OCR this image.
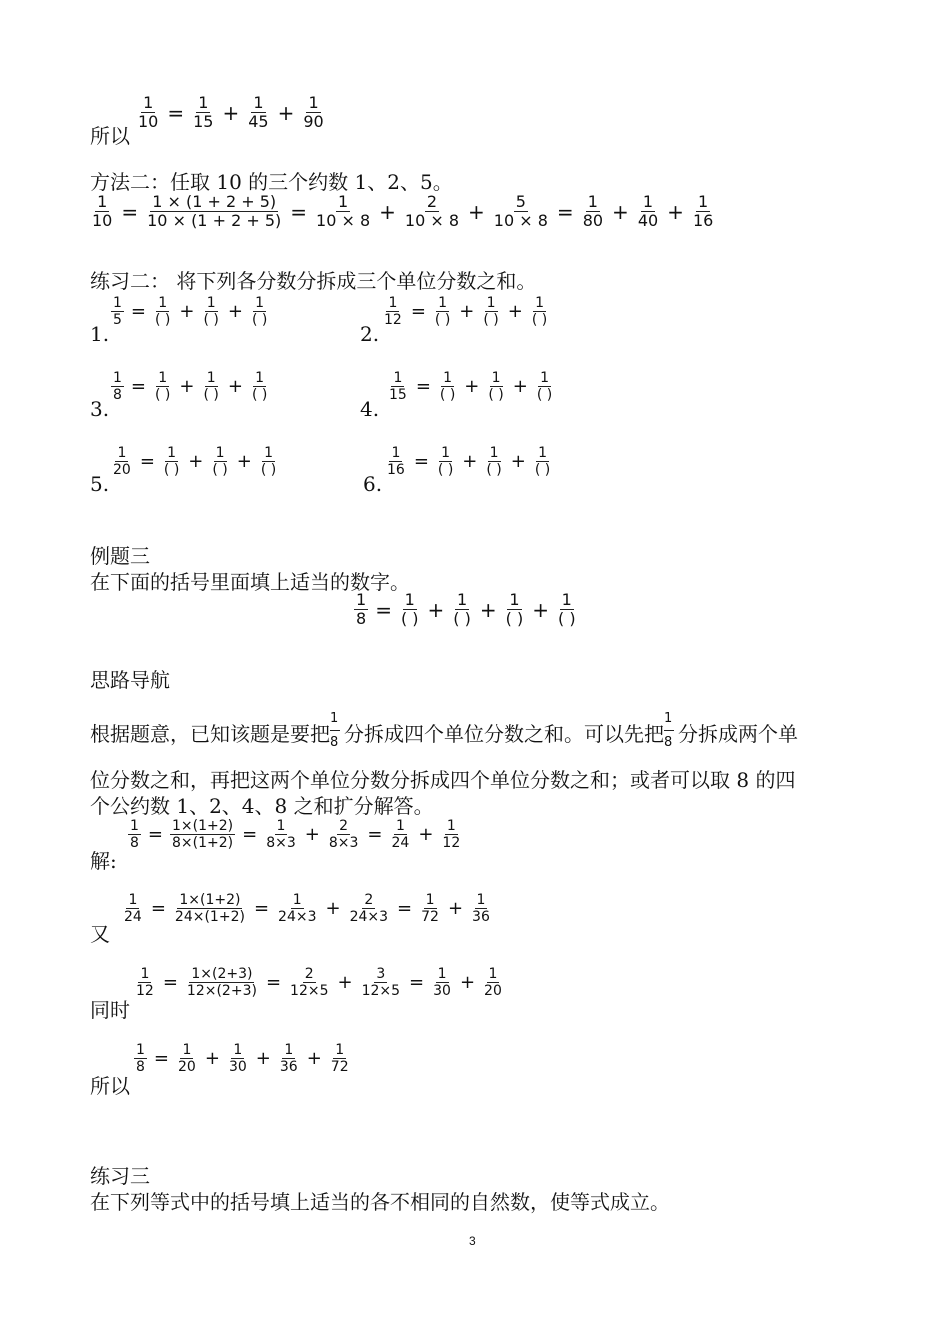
所以
$\frac{1}{10} = \frac{1}{15} + \frac{1}{45} + \frac{1}{90}$
方法二：任取 10 的三个约数 1、2、5。
$\frac{1}{10} = \frac{1 \times (1 + 2 + 5)}{10 \times (1 + 2 + 5)} = \frac{1}{10 \times 8} + \frac{2}{10 \times 8} + \frac{5}{10 \times 8} = \frac{1}{80} + \frac{1}{40} + \frac{1}{16}$
练习二： 将下列各分数分拆成三个单位分数之和。
1.
$\frac{1}{5} = 1$
( ) + 1
( ) + 1
( )
2.
$\frac{1}{12} = 1$
( ) + 1
( ) + 1
( )
3.
$\frac{1}{8} = 1$
( ) + 1
( ) + 1
( )
4.
$\frac{1}{15} = 1$
( ) + 1
( ) + 1
( )
5.
$\frac{1}{20} = 1$
( ) + 1
( ) + 1
( )
6.
$\frac{1}{16} = 1$
( ) + 1
( ) + 1
( )
例题三
在下面的括号里面填上适当的数字。
$\frac{1}{8} = 1$
( ) + 1
( ) + 1
( ) + 1
( )
思路导航
根据题意，已知该题是要把
$\frac{1}{8}$
分拆成四个单位分数之和。可以先把
$\frac{1}{8}$
分拆成两个单
位分数之和，再把这两个单位分数分拆成四个单位分数之和；或者可以取 8 的四
个公约数 1、2、4、8 之和扩分解答。
解:
$\frac{1}{8} = \frac{1\times(1+2)}{8\times(1+2)} = \frac{1}{8\times 3} + \frac{2}{8\times 3} = \frac{1}{24} + \frac{1}{12}$
又
$\frac{1}{24} = \frac{1\times(1+2)}{24\times(1+2)} = \frac{1}{24\times 3} + \frac{2}{24\times 3} = \frac{1}{72} + \frac{1}{36}$
同时
$\frac{1}{12} = \frac{1\times(2+3)}{12\times(2+3)} = \frac{2}{12\times 5} + \frac{3}{12\times 5} = \frac{1}{30} + \frac{1}{20}$
所以
$\frac{1}{8} = \frac{1}{20} + \frac{1}{30} + \frac{1}{36} + \frac{1}{72}$
练习三
在下列等式中的括号填上适当的各不相同的自然数，使等式成立。
3
